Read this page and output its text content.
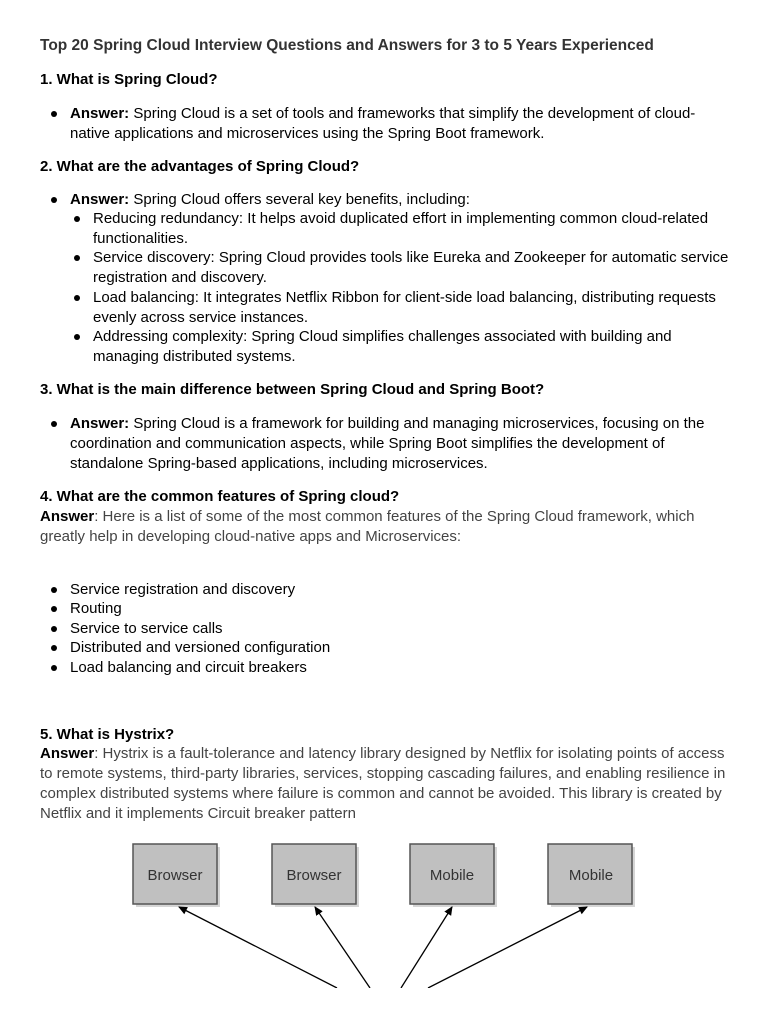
Top 20 Spring Cloud Interview Questions and Answers for 3 to 5 Years Experienced

1. What is Spring Cloud?

Answer: Spring Cloud is a set of tools and frameworks that simplify the development of cloud-native applications and microservices using the Spring Boot framework.

2. What are the advantages of Spring Cloud?

Answer: Spring Cloud offers several key benefits, including:

Reducing redundancy: It helps avoid duplicated effort in implementing common cloud-related functionalities.

Service discovery: Spring Cloud provides tools like Eureka and Zookeeper for automatic service registration and discovery.

Load balancing: It integrates Netflix Ribbon for client-side load balancing, distributing requests evenly across service instances.

Addressing complexity: Spring Cloud simplifies challenges associated with building and managing distributed systems.

3. What is the main difference between Spring Cloud and Spring Boot?

Answer: Spring Cloud is a framework for building and managing microservices, focusing on the coordination and communication aspects, while Spring Boot simplifies the development of standalone Spring-based applications, including microservices.

4. What are the common features of Spring cloud?

Answer: Here is a list of some of the most common features of the Spring Cloud framework, which greatly help in developing cloud-native apps and Microservices:

Service registration and discovery

Routing

Service to service calls

Distributed and versioned configuration

Load balancing and circuit breakers

5. What is Hystrix?

Answer: Hystrix is a fault-tolerance and latency library designed by Netflix for isolating points of access to remote systems, third-party libraries, services, stopping cascading failures, and enabling resilience in complex distributed systems where failure is common and cannot be avoided. This library is created by Netflix and it implements Circuit breaker pattern

Browser	Browser	Mobile	Mobile
